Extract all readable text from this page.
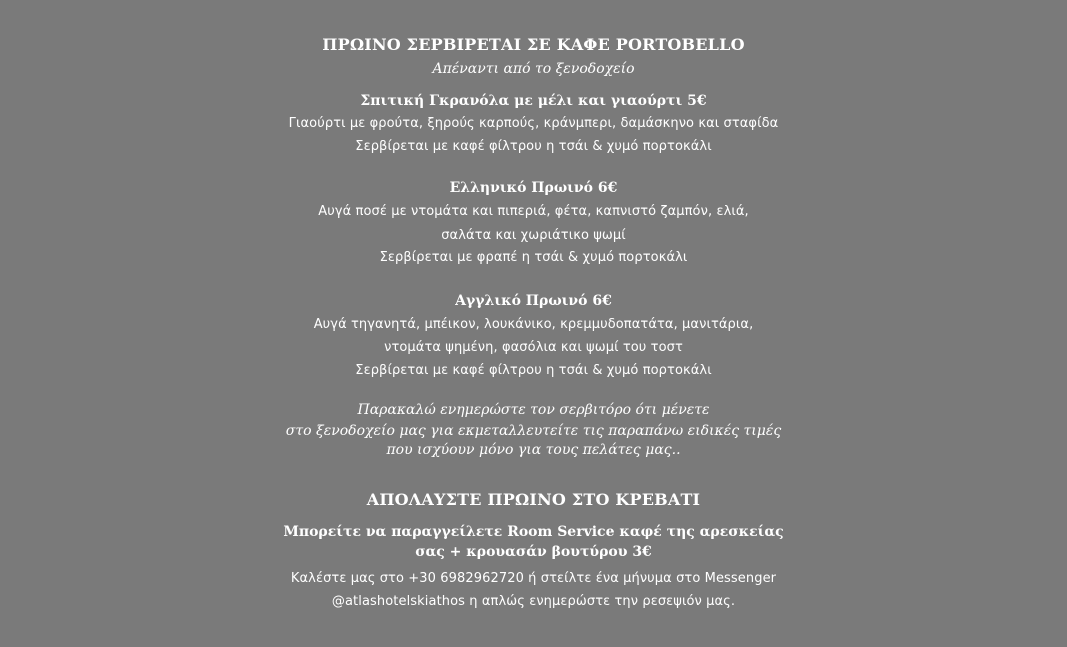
ΠΡΩΙΝΟ ΣΕΡΒΙΡΕΤΑΙ ΣΕ ΚΑΦΕ PORTOBELLO
Απέναντι από το ξενοδοχείο
Σπιτική Γκρανόλα με μέλι και γιαούρτι 5€
Γιαούρτι με φρούτα, ξηρούς καρπούς, κράνμπερι, δαμάσκηνο και σταφίδα
Σερβίρεται με καφέ φίλτρου η τσάι & χυμό πορτοκάλι
Ελληνικό Πρωινό 6€
Αυγά ποσέ με ντομάτα και πιπεριά, φέτα, καπνιστό ζαμπόν, ελιά,
σαλάτα και χωριάτικο ψωμί
Σερβίρεται με φραπέ η τσάι & χυμό πορτοκάλι
Αγγλικό Πρωινό 6€
Αυγά τηγανητά, μπέικον, λουκάνικο, κρεμμυδοπατάτα, μανιτάρια,
ντομάτα ψημένη, φασόλια και ψωμί του τοστ
Σερβίρεται με καφέ φίλτρου η τσάι & χυμό πορτοκάλι
Παρακαλώ ενημερώστε τον σερβιτόρο ότι μένετε
στο ξενοδοχείο μας για εκμεταλλευτείτε τις παραπάνω ειδικές τιμές
που ισχύουν μόνο για τους πελάτες μας..
ΑΠΟΛΑΥΣΤΕ ΠΡΩΙΝΟ ΣΤΟ ΚΡΕΒΑΤΙ
Μπορείτε να παραγγείλετε Room Service καφέ της αρεσκείας
σας + κρουασάν βουτύρου 3€
Καλέστε μας στο +30 6982962720 ή στείλτε ένα μήνυμα στο Messenger
@atlashotelskiathos η απλώς ενημερώστε την ρεσεψιόν μας.
